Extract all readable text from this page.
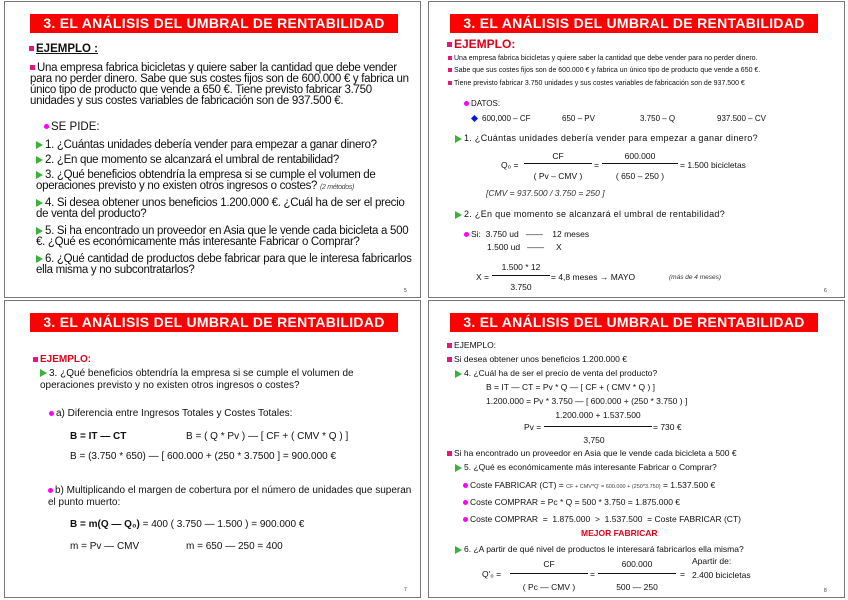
3. EL ANÁLISIS DEL UMBRAL DE RENTABILIDAD
EJEMPLO :
Una empresa fabrica bicicletas y quiere saber la cantidad que debe vender para no perder dinero. Sabe que sus costes fijos son de 600.000 € y fabrica un único tipo de producto que vende a 650 €. Tiene previsto fabricar 3.750 unidades y sus costes variables de fabricación son de 937.500 €.
SE PIDE:
1. ¿Cuántas unidades debería vender para empezar a ganar dinero?
2. ¿En que momento se alcanzará el umbral de rentabilidad?
3. ¿Qué beneficios obtendría la empresa si se cumple el volumen de operaciones previsto y no existen otros ingresos o costes? (2 métodos)
4. Si desea obtener unos beneficios 1.200.000 €. ¿Cuál ha de ser el precio de venta del producto?
5. Si ha encontrado un proveedor en Asia que le vende cada bicicleta a 500 €. ¿Qué es económicamente más interesante Fabricar o Comprar?
6. ¿Qué cantidad de productos debe fabricar para que le interesa fabricarlos ella misma y no subcontratarlos?
5
3. EL ANÁLISIS DEL UMBRAL DE RENTABILIDAD
EJEMPLO:
Una empresa fabrica bicicletas y quiere saber la cantidad que debe vender para no perder dinero.
Sabe que sus costes fijos son de 600.000 € y fabrica un único tipo de producto que vende a 650 €.
Tiene previsto fabricar 3.750 unidades y sus costes variables de fabricación son de 937.500 €
DATOS:
600,000 – CF	650 – PV	3.750 – Q	937.500 – CV
1. ¿Cuántas unidades debería vender para empezar a ganar dinero?
Q₀ =
CF
( Pv – CMV )
=
600.000
( 650 – 250 )
= 1.500 bicicletas
[CMV = 937.500 / 3.750 = 250 ]
2. ¿En que momento se alcanzará el umbral de rentabilidad?
Si:  3.750 ud   ——    12 meses
1.500 ud   ——     X
X =
1.500 * 12
3.750
= 4,8 meses → MAYO	(más de 4 meses)
6
3. EL ANÁLISIS DEL UMBRAL DE RENTABILIDAD
EJEMPLO:
3. ¿Qué beneficios obtendría la empresa si se cumple el volumen de operaciones previsto y no existen otros ingresos o costes?
a) Diferencia entre Ingresos Totales y Costes Totales:
B = IT — CT	B = ( Q * Pv ) — [ CF + ( CMV * Q ) ]
B = (3.750 * 650) — [ 600.000 + (250 * 3.7500 ] = 900.000 €
b) Multiplicando el margen de cobertura por el número de unidades que superan el punto muerto:
B = m(Q — Q₀) = 400 ( 3.750 — 1.500 ) = 900.000 €
m = Pv — CMV	m = 650 — 250 = 400
7
3. EL ANÁLISIS DEL UMBRAL DE RENTABILIDAD
EJEMPLO:
Si desea obtener unos beneficios 1.200.000 €
4. ¿Cuál ha de ser el precio de venta del producto?
B = IT — CT = Pv * Q — [ CF + ( CMV * Q ) ]
1.200.000 = Pv * 3.750 — [ 600.000 + (250 * 3.750 ) ]
Pv =
1.200.000 + 1.537.500
3,750
= 730 €
Si ha encontrado un proveedor en Asia que le vende cada bicicleta a 500 €
5. ¿Qué es económicamente más interesante Fabricar o Comprar?
Coste FABRICAR (CT) = CF + CMV*Q' = 600.000 + (250*3.750) = 1.537.500 €
Coste COMPRAR = Pc * Q = 500 * 3.750 = 1.875.000 €
Coste COMPRAR  =  1.875.000  >  1.537.500  = Coste FABRICAR (CT)
MEJOR FABRICAR
6. ¿A partir de qué nivel de productos le interesará fabricarlos ella misma?
Q'₀ =
CF
( Pc — CMV )
=
600.000
500 — 250
=
Apartir de:
2.400 bicicletas
8
